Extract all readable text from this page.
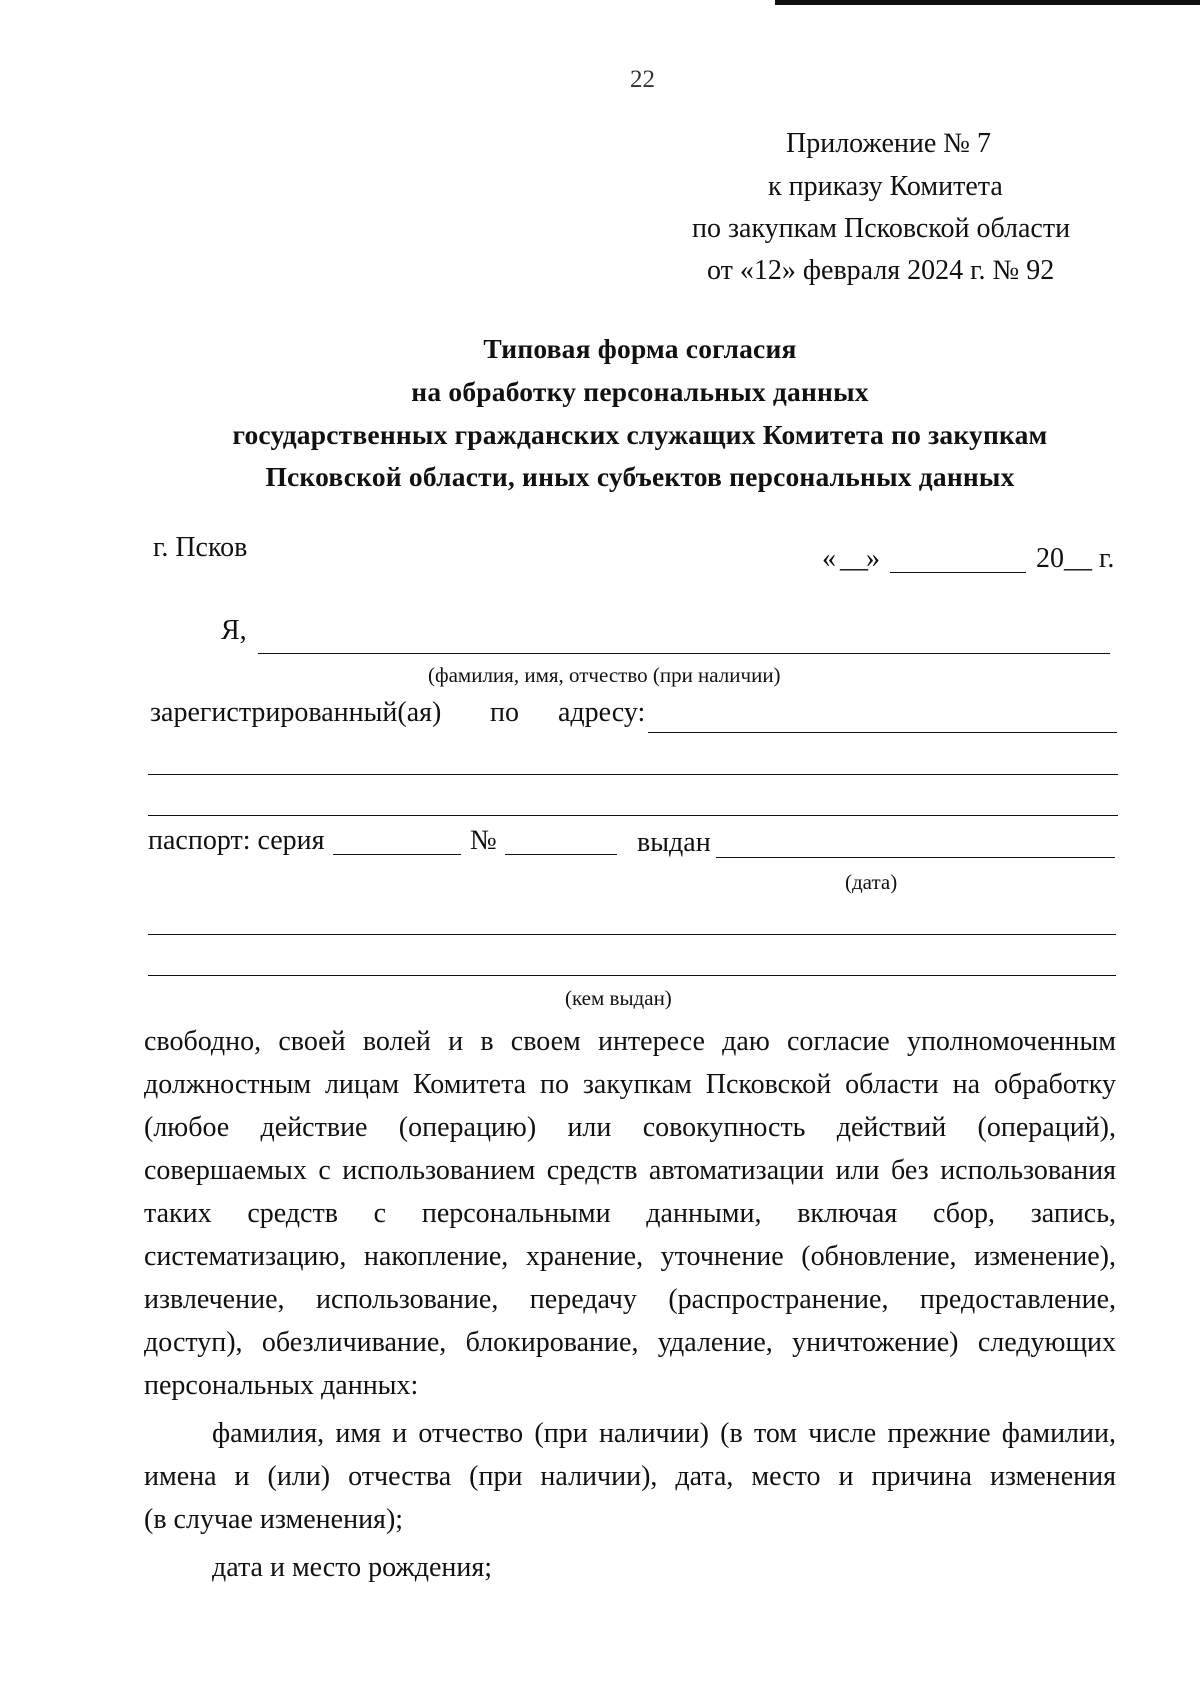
22
Приложение № 7
к приказу Комитета
по закупкам Псковской области
от «12» февраля 2024 г. № 92
Типовая форма согласия
на обработку персональных данных
государственных гражданских служащих Комитета по закупкам
Псковской области, иных субъектов персональных данных
г. Псков	« __
»	20__ г.
Я,
(фамилия, имя, отчество (при наличии)
зарегистрированный(ая) по адресу:
паспорт: серия	№	выдан
(дата)
(кем выдан)
свободно, своей волей и в своем интересе даю согласие уполномоченным
должностным лицам Комитета по закупкам Псковской области на обработку
(любое действие (операцию) или совокупность действий (операций),
совершаемых с использованием средств автоматизации или без использования
таких средств с персональными данными, включая сбор, запись,
систематизацию, накопление, хранение, уточнение (обновление, изменение),
извлечение, использование, передачу (распространение, предоставление,
доступ), обезличивание, блокирование, удаление, уничтожение) следующих
персональных данных:
фамилия, имя и отчество (при наличии) (в том числе прежние фамилии,
имена и (или) отчества (при наличии), дата, место и причина изменения
(в случае изменения);
дата и место рождения;
